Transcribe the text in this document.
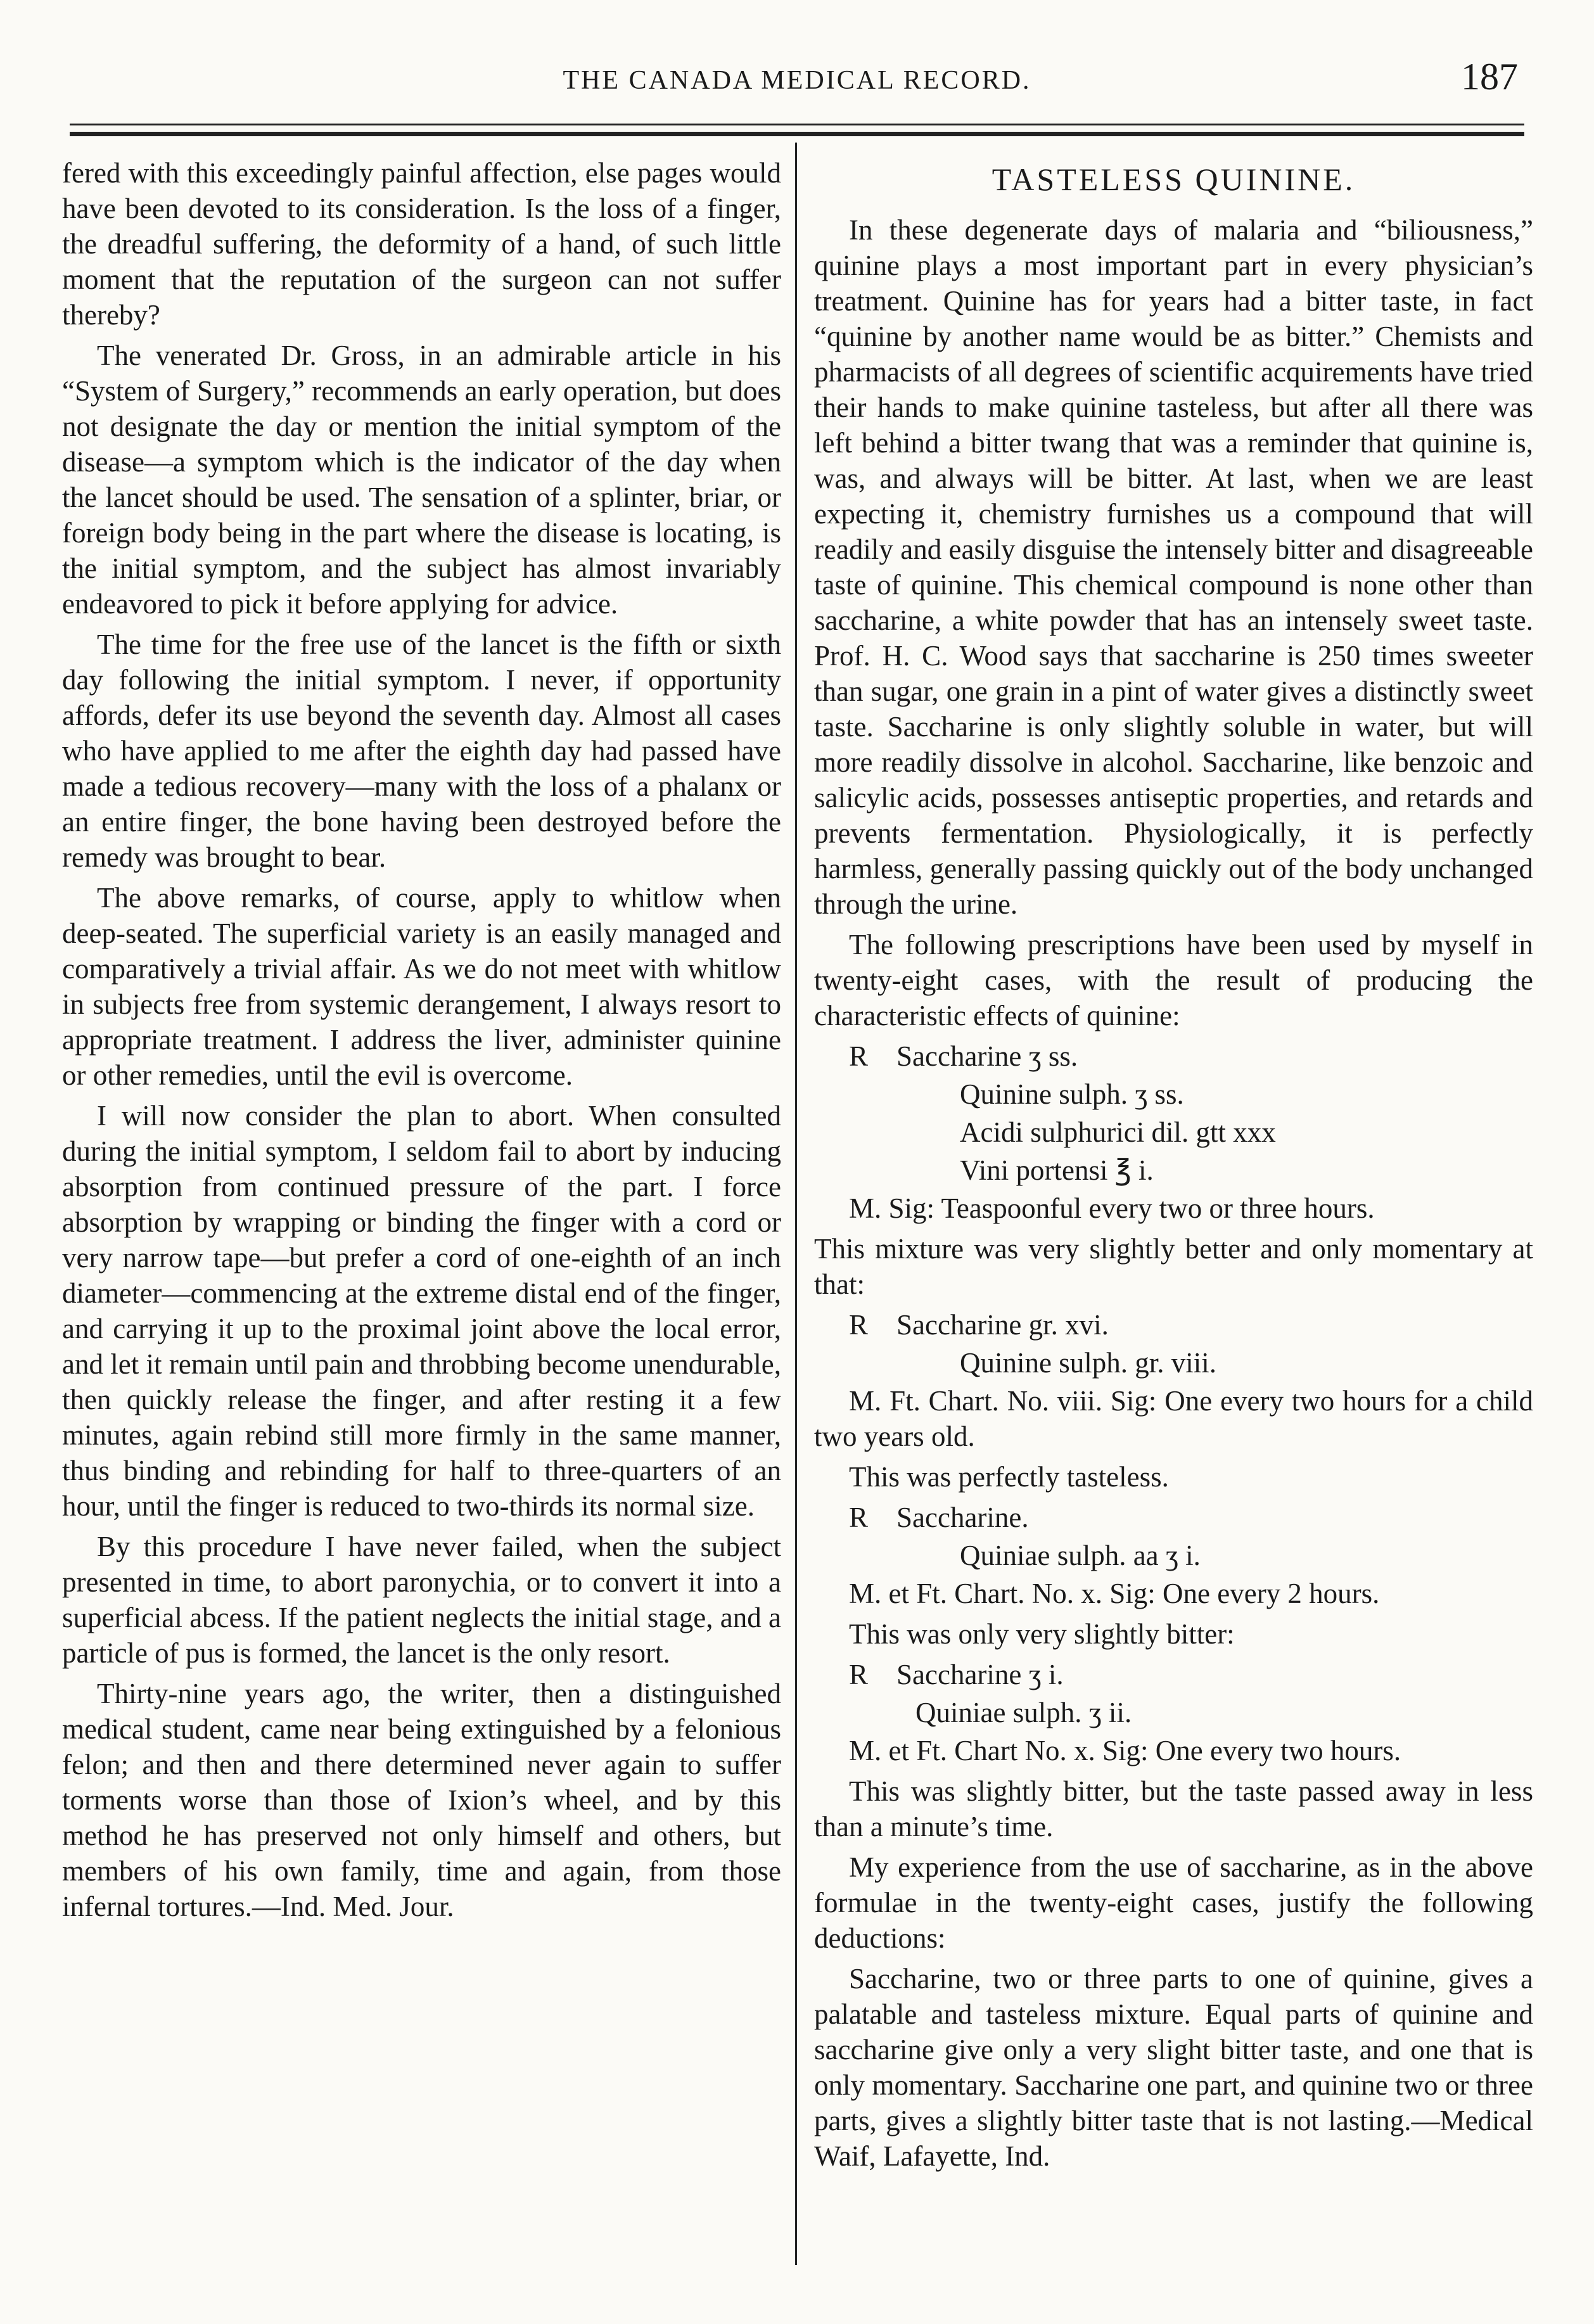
THE CANADA MEDICAL RECORD.	187

fered with this exceedingly painful affection, else pages would have been devoted to its consideration. Is the loss of a finger, the dreadful suffering, the deformity of a hand, of such little moment that the reputation of the surgeon can not suffer thereby?

The venerated Dr. Gross, in an admirable article in his “System of Surgery,” recommends an early operation, but does not designate the day or mention the initial symptom of the disease—a symptom which is the indicator of the day when the lancet should be used. The sensation of a splinter, briar, or foreign body being in the part where the disease is locating, is the initial symptom, and the subject has almost invariably endeavored to pick it before applying for advice.

The time for the free use of the lancet is the fifth or sixth day following the initial symptom. I never, if opportunity affords, defer its use beyond the seventh day. Almost all cases who have applied to me after the eighth day had passed have made a tedious recovery—many with the loss of a phalanx or an entire finger, the bone having been destroyed before the remedy was brought to bear.

The above remarks, of course, apply to whitlow when deep-seated. The superficial variety is an easily managed and comparatively a trivial affair. As we do not meet with whitlow in subjects free from systemic derangement, I always resort to appropriate treatment. I address the liver, administer quinine or other remedies, until the evil is overcome.

I will now consider the plan to abort. When consulted during the initial symptom, I seldom fail to abort by inducing absorption from continued pressure of the part. I force absorption by wrapping or binding the finger with a cord or very narrow tape—but prefer a cord of one-eighth of an inch diameter—commencing at the extreme distal end of the finger, and carrying it up to the proximal joint above the local error, and let it remain until pain and throbbing become unendurable, then quickly release the finger, and after resting it a few minutes, again rebind still more firmly in the same manner, thus binding and rebinding for half to three-quarters of an hour, until the finger is reduced to two-thirds its normal size.

By this procedure I have never failed, when the subject presented in time, to abort paronychia, or to convert it into a superficial abcess. If the patient neglects the initial stage, and a particle of pus is formed, the lancet is the only resort.

Thirty-nine years ago, the writer, then a distinguished medical student, came near being extinguished by a felonious felon; and then and there determined never again to suffer torments worse than those of Ixion’s wheel, and by this method he has preserved not only himself and others, but members of his own family, time and again, from those infernal tortures.—Ind. Med. Jour.

TASTELESS QUININE.

In these degenerate days of malaria and “biliousness,” quinine plays a most important part in every physician’s treatment. Quinine has for years had a bitter taste, in fact “quinine by another name would be as bitter.” Chemists and pharmacists of all degrees of scientific acquirements have tried their hands to make quinine tasteless, but after all there was left behind a bitter twang that was a reminder that quinine is, was, and always will be bitter. At last, when we are least expecting it, chemistry furnishes us a compound that will readily and easily disguise the intensely bitter and disagreeable taste of quinine. This chemical compound is none other than saccharine, a white powder that has an intensely sweet taste. Prof. H. C. Wood says that saccharine is 250 times sweeter than sugar, one grain in a pint of water gives a distinctly sweet taste. Saccharine is only slightly soluble in water, but will more readily dissolve in alcohol. Saccharine, like benzoic and salicylic acids, possesses antiseptic properties, and retards and prevents fermentation. Physiologically, it is perfectly harmless, generally passing quickly out of the body unchanged through the urine.

The following prescriptions have been used by myself in twenty-eight cases, with the result of producing the characteristic effects of quinine:

R Saccharine ʒ ss.
Quinine sulph. ʒ ss.
Acidi sulphurici dil. gtt xxx
Vini portensi ℥ i.

M. Sig: Teaspoonful every two or three hours.

This mixture was very slightly better and only momentary at that:

R Saccharine gr. xvi.
Quinine sulph. gr. viii.

M. Ft. Chart. No. viii. Sig: One every two hours for a child two years old.

This was perfectly tasteless.

R Saccharine.
Quiniae sulph. aa ʒ i.

M. et Ft. Chart. No. x. Sig: One every 2 hours.

This was only very slightly bitter:

R Saccharine ʒ i.
Quiniae sulph. ʒ ii.

M. et Ft. Chart No. x. Sig: One every two hours.

This was slightly bitter, but the taste passed away in less than a minute’s time.

My experience from the use of saccharine, as in the above formulae in the twenty-eight cases, justify the following deductions:

Saccharine, two or three parts to one of quinine, gives a palatable and tasteless mixture. Equal parts of quinine and saccharine give only a very slight bitter taste, and one that is only momentary. Saccharine one part, and quinine two or three parts, gives a slightly bitter taste that is not lasting.—Medical Waif, Lafayette, Ind.
